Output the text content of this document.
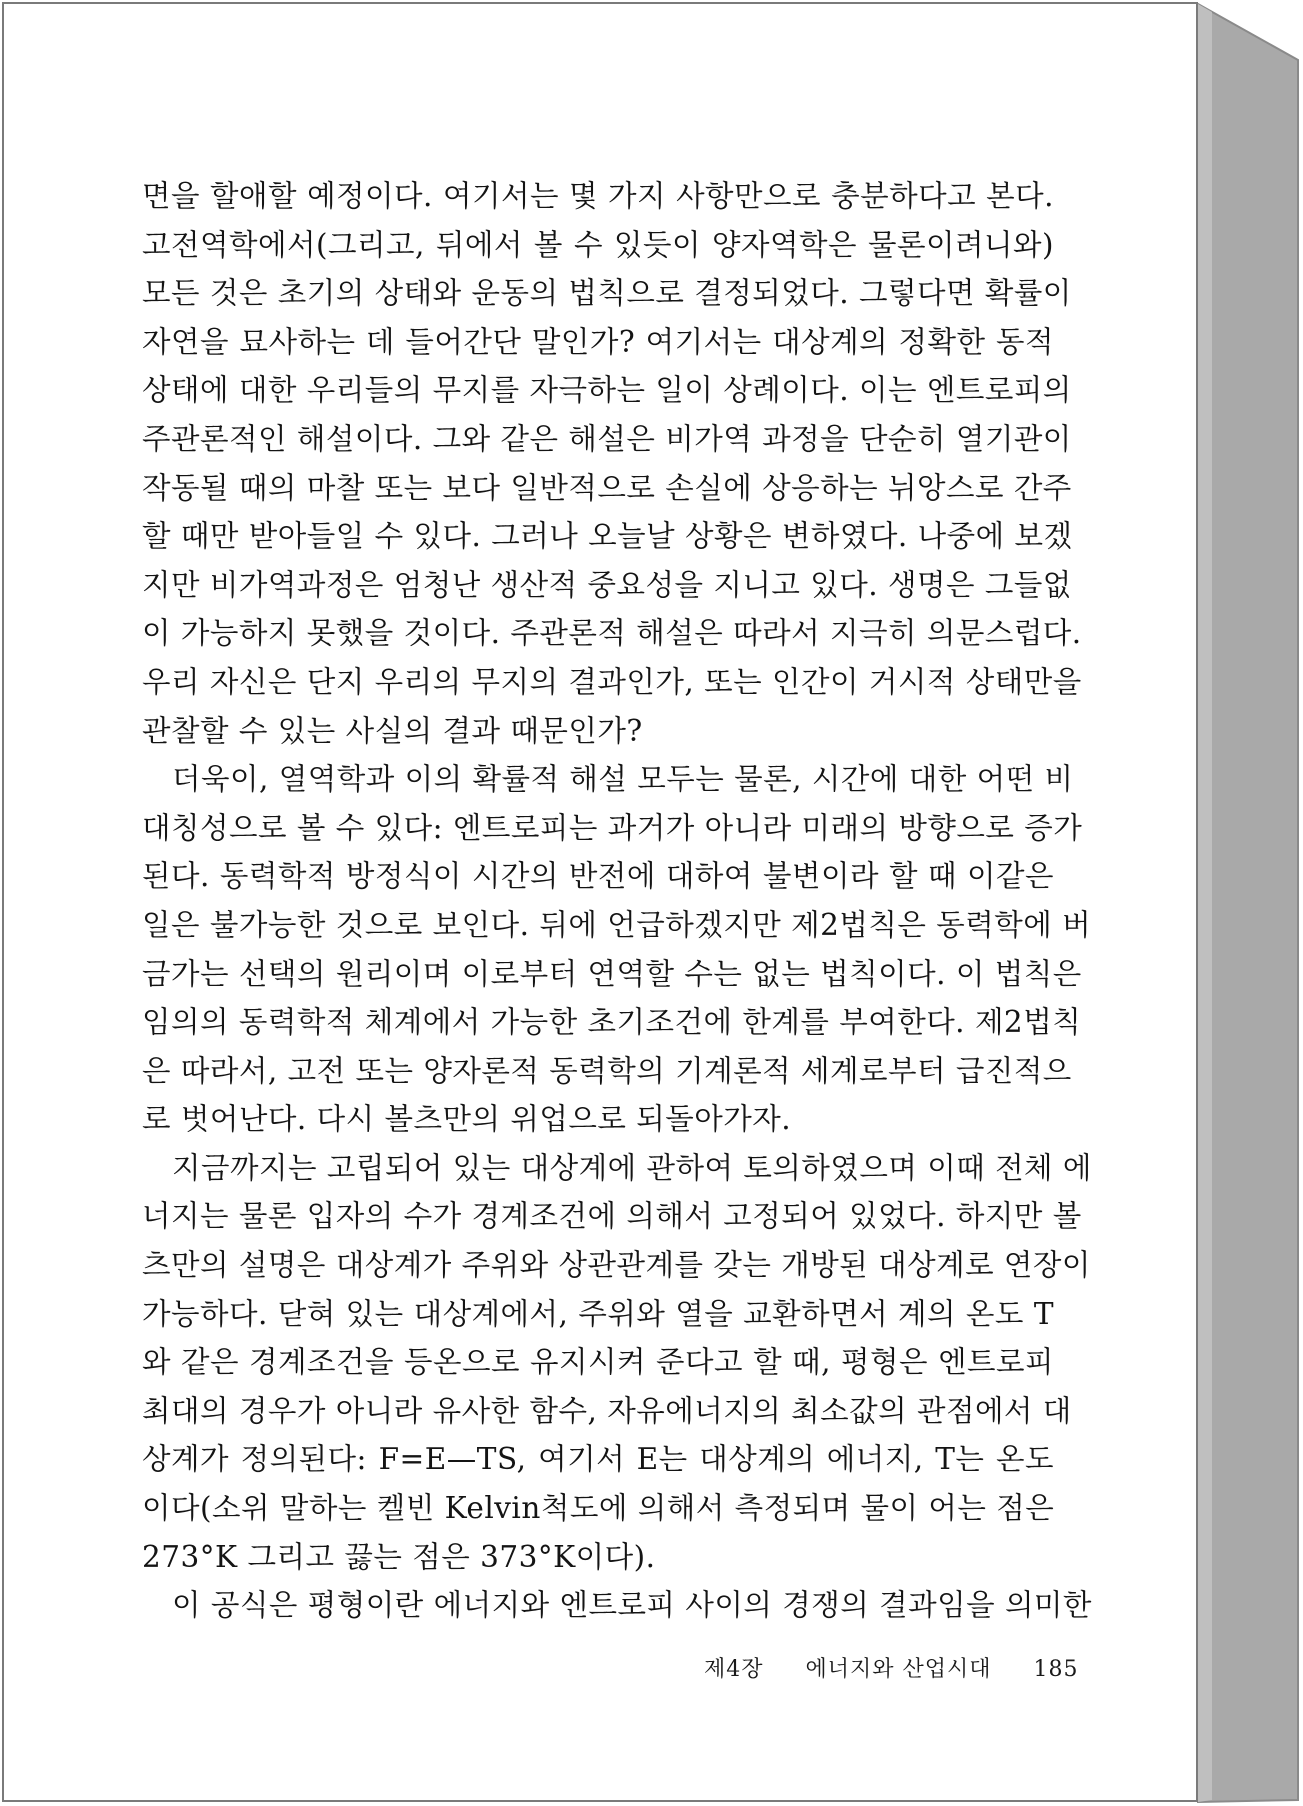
면을 할애할 예정이다. 여기서는 몇 가지 사항만으로 충분하다고 본다.
고전역학에서(그리고, 뒤에서 볼 수 있듯이 양자역학은 물론이려니와)
모든 것은 초기의 상태와 운동의 법칙으로 결정되었다. 그렇다면 확률이
자연을 묘사하는 데 들어간단 말인가? 여기서는 대상계의 정확한 동적
상태에 대한 우리들의 무지를 자극하는 일이 상례이다. 이는 엔트로피의
주관론적인 해설이다. 그와 같은 해설은 비가역 과정을 단순히 열기관이
작동될 때의 마찰 또는 보다 일반적으로 손실에 상응하는 뉘앙스로 간주
할 때만 받아들일 수 있다. 그러나 오늘날 상황은 변하였다. 나중에 보겠
지만 비가역과정은 엄청난 생산적 중요성을 지니고 있다. 생명은 그들없
이 가능하지 못했을 것이다. 주관론적 해설은 따라서 지극히 의문스럽다.
우리 자신은 단지 우리의 무지의 결과인가, 또는 인간이 거시적 상태만을
관찰할 수 있는 사실의 결과 때문인가?
더욱이, 열역학과 이의 확률적 해설 모두는 물론, 시간에 대한 어떤 비
대칭성으로 볼 수 있다: 엔트로피는 과거가 아니라 미래의 방향으로 증가
된다. 동력학적 방정식이 시간의 반전에 대하여 불변이라 할 때 이같은
일은 불가능한 것으로 보인다. 뒤에 언급하겠지만 제2법칙은 동력학에 버
금가는 선택의 원리이며 이로부터 연역할 수는 없는 법칙이다. 이 법칙은
임의의 동력학적 체계에서 가능한 초기조건에 한계를 부여한다. 제2법칙
은 따라서, 고전 또는 양자론적 동력학의 기계론적 세계로부터 급진적으
로 벗어난다. 다시 볼츠만의 위업으로 되돌아가자.
지금까지는 고립되어 있는 대상계에 관하여 토의하였으며 이때 전체 에
너지는 물론 입자의 수가 경계조건에 의해서 고정되어 있었다. 하지만 볼
츠만의 설명은 대상계가 주위와 상관관계를 갖는 개방된 대상계로 연장이
가능하다. 닫혀 있는 대상계에서, 주위와 열을 교환하면서 계의 온도 T
와 같은 경계조건을 등온으로 유지시켜 준다고 할 때, 평형은 엔트로피
최대의 경우가 아니라 유사한 함수, 자유에너지의 최소값의 관점에서 대
상계가 정의된다: F=E—TS, 여기서 E는 대상계의 에너지, T는 온도
이다(소위 말하는 켈빈 Kelvin척도에 의해서 측정되며 물이 어는 점은
273°K 그리고 끓는 점은 373°K이다).
이 공식은 평형이란 에너지와 엔트로피 사이의 경쟁의 결과임을 의미한
제4장 에너지와 산업시대 185
